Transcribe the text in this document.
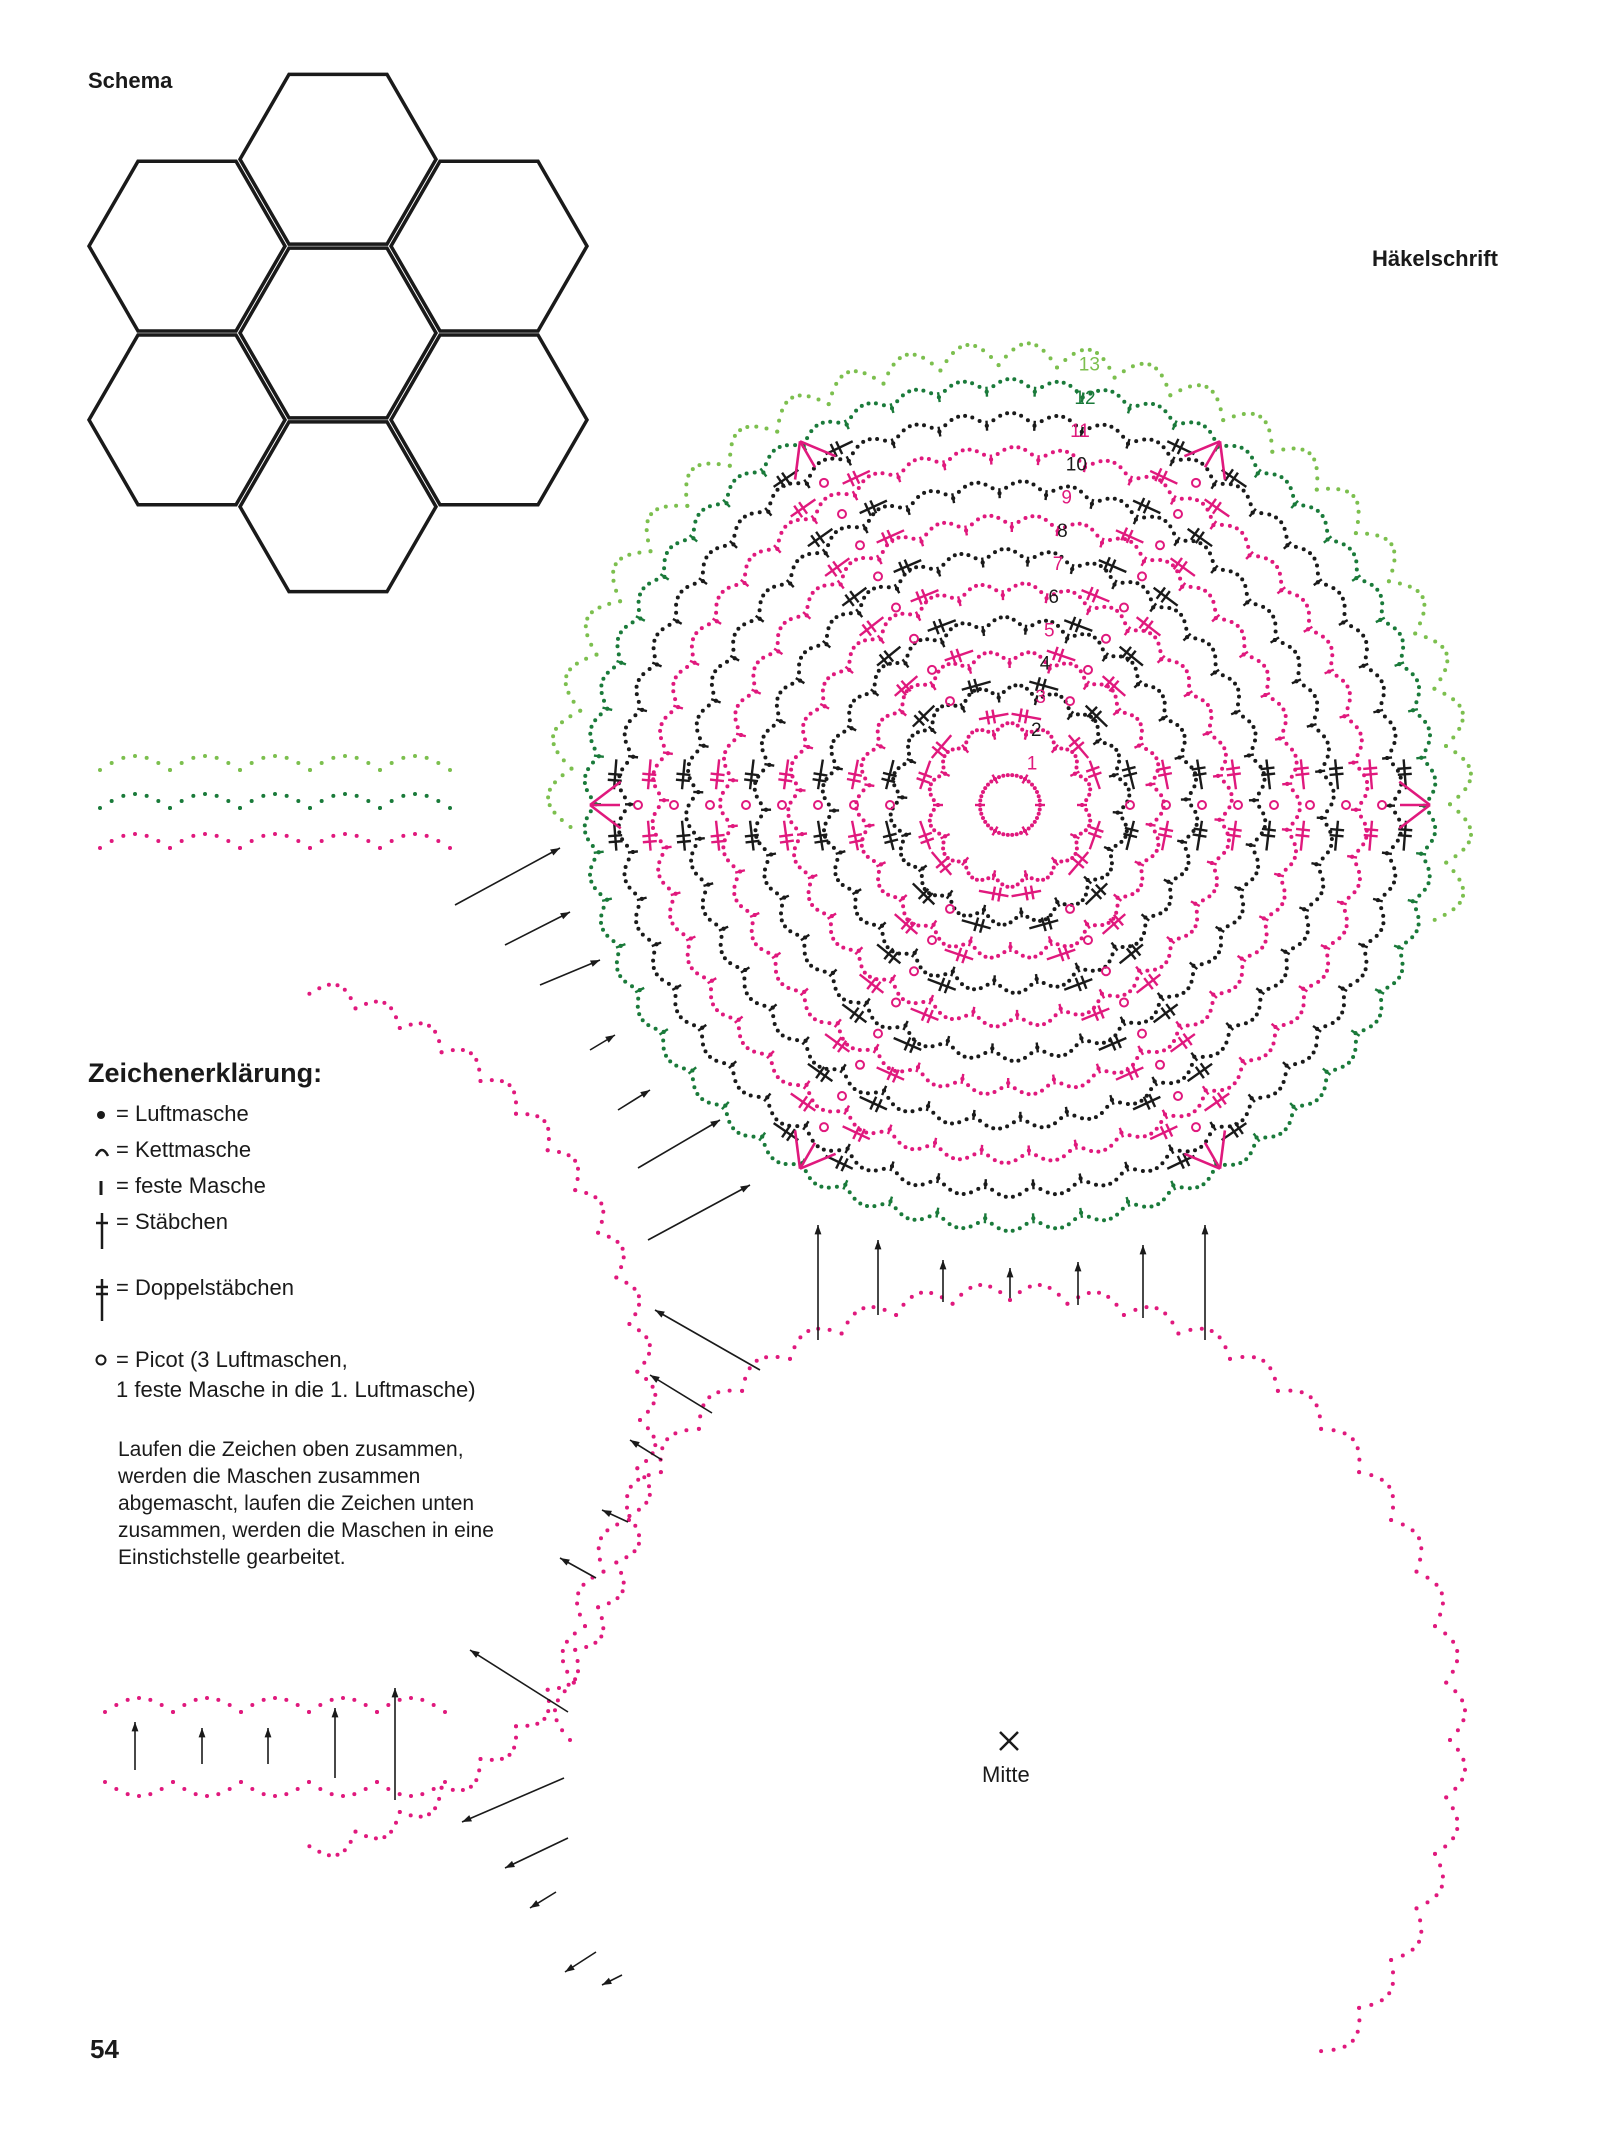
Schema
Häkelschrift
1
2
3
4
5
6
7
8
9
10
11
12
13
Mitte
Zeichenerklärung:
= Luftmasche
= Kettmasche
= feste Masche
= Stäbchen
= Doppelstäbchen
= Picot (3 Luftmaschen,
1 feste Masche in die 1. Luftmasche)
Laufen die Zeichen oben zusammen, werden die Maschen zusammen abgemascht, laufen die Zeichen unten zusammen, werden die Maschen in eine Einstichstelle gearbeitet.
54
